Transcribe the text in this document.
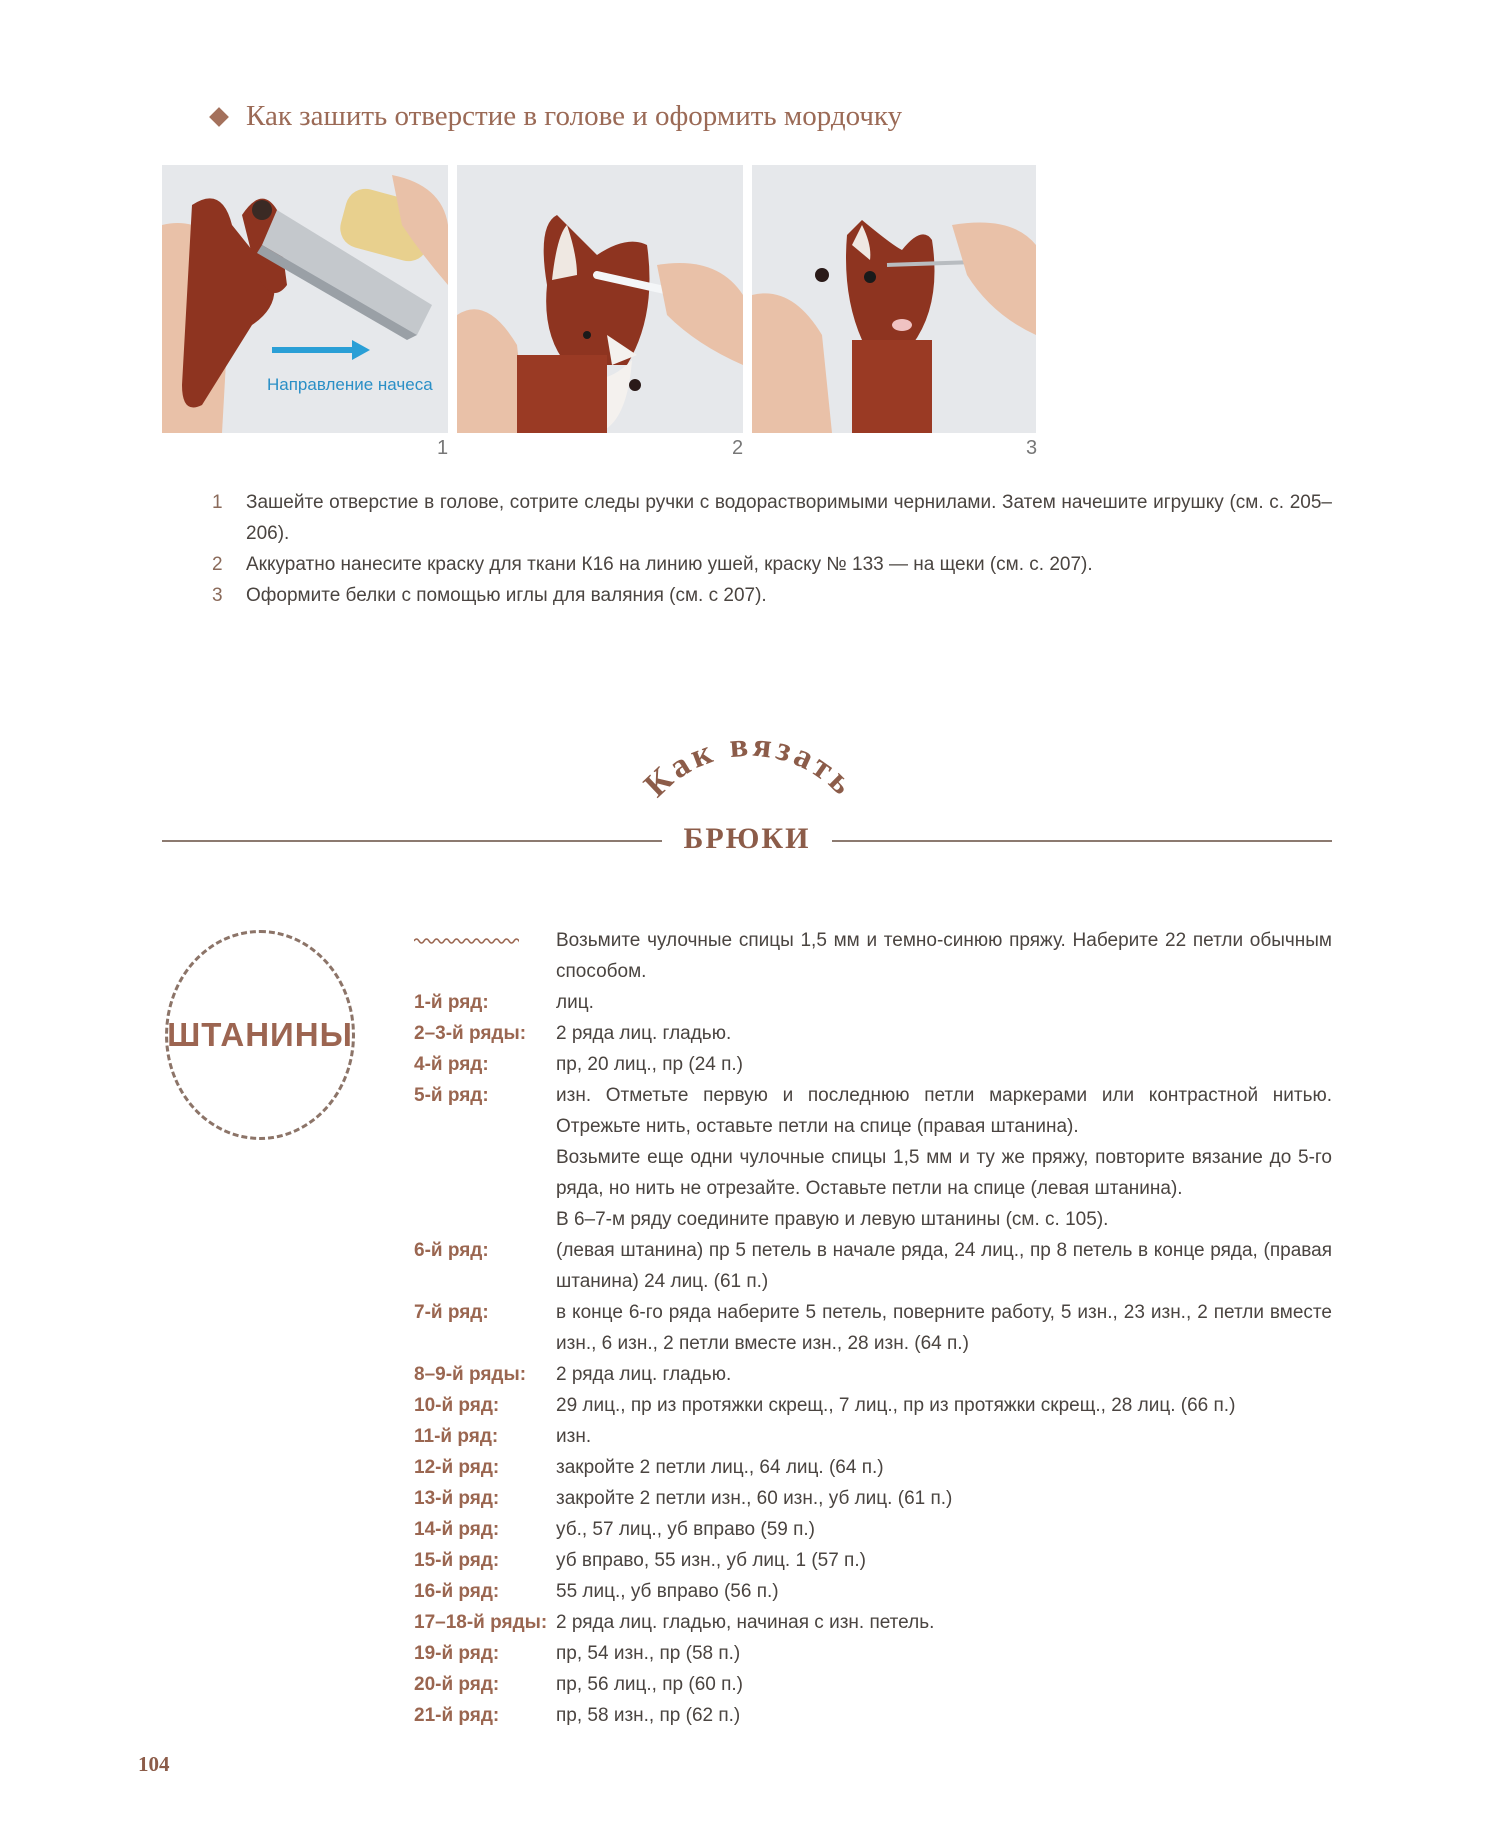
Как зашить отверстие в голове и оформить мордочку
Направление начеса
1	2	3
1	Зашейте отверстие в голове, сотрите следы ручки с водорастворимыми чернилами. Затем начешите игрушку (см. с. 205–206).
2	Аккуратно нанесите краску для ткани К16 на линию ушей, краску № 133 — на щеки (см. с. 207).
3	Оформите белки с помощью иглы для валяния (см. с 207).
Как вязать
БРЮКИ
ШТАНИНЫ
Возьмите чулочные спицы 1,5 мм и темно-синюю пряжу. Наберите 22 петли обычным способом.
1-й ряд:	лиц.
2–3-й ряды:	2 ряда лиц. гладью.
4-й ряд:	пр, 20 лиц., пр (24 п.)
5-й ряд:	изн. Отметьте первую и последнюю петли маркерами или контрастной нитью. Отрежьте нить, оставьте петли на спице (правая штанина).
Возьмите еще одни чулочные спицы 1,5 мм и ту же пряжу, повторите вязание до 5-го ряда, но нить не отрезайте. Оставьте петли на спице (левая штанина).
В 6–7-м ряду соедините правую и левую штанины (см. с. 105).
6-й ряд:	(левая штанина) пр 5 петель в начале ряда, 24 лиц., пр 8 петель в конце ряда, (правая штанина) 24 лиц. (61 п.)
7-й ряд:	в конце 6-го ряда наберите 5 петель, поверните работу, 5 изн., 23 изн., 2 петли вместе изн., 6 изн., 2 петли вместе изн., 28 изн. (64 п.)
8–9-й ряды:	2 ряда лиц. гладью.
10-й ряд:	29 лиц., пр из протяжки скрещ., 7 лиц., пр из протяжки скрещ., 28 лиц. (66 п.)
11-й ряд:	изн.
12-й ряд:	закройте 2 петли лиц., 64 лиц. (64 п.)
13-й ряд:	закройте 2 петли изн., 60 изн., уб лиц. (61 п.)
14-й ряд:	уб., 57 лиц., уб вправо (59 п.)
15-й ряд:	уб вправо, 55 изн., уб лиц. 1 (57 п.)
16-й ряд:	55 лиц., уб вправо (56 п.)
17–18-й ряды: 2 ряда лиц. гладью, начиная с изн. петель.
19-й ряд:	пр, 54 изн., пр (58 п.)
20-й ряд:	пр, 56 лиц., пр (60 п.)
21-й ряд:	пр, 58 изн., пр (62 п.)
104
